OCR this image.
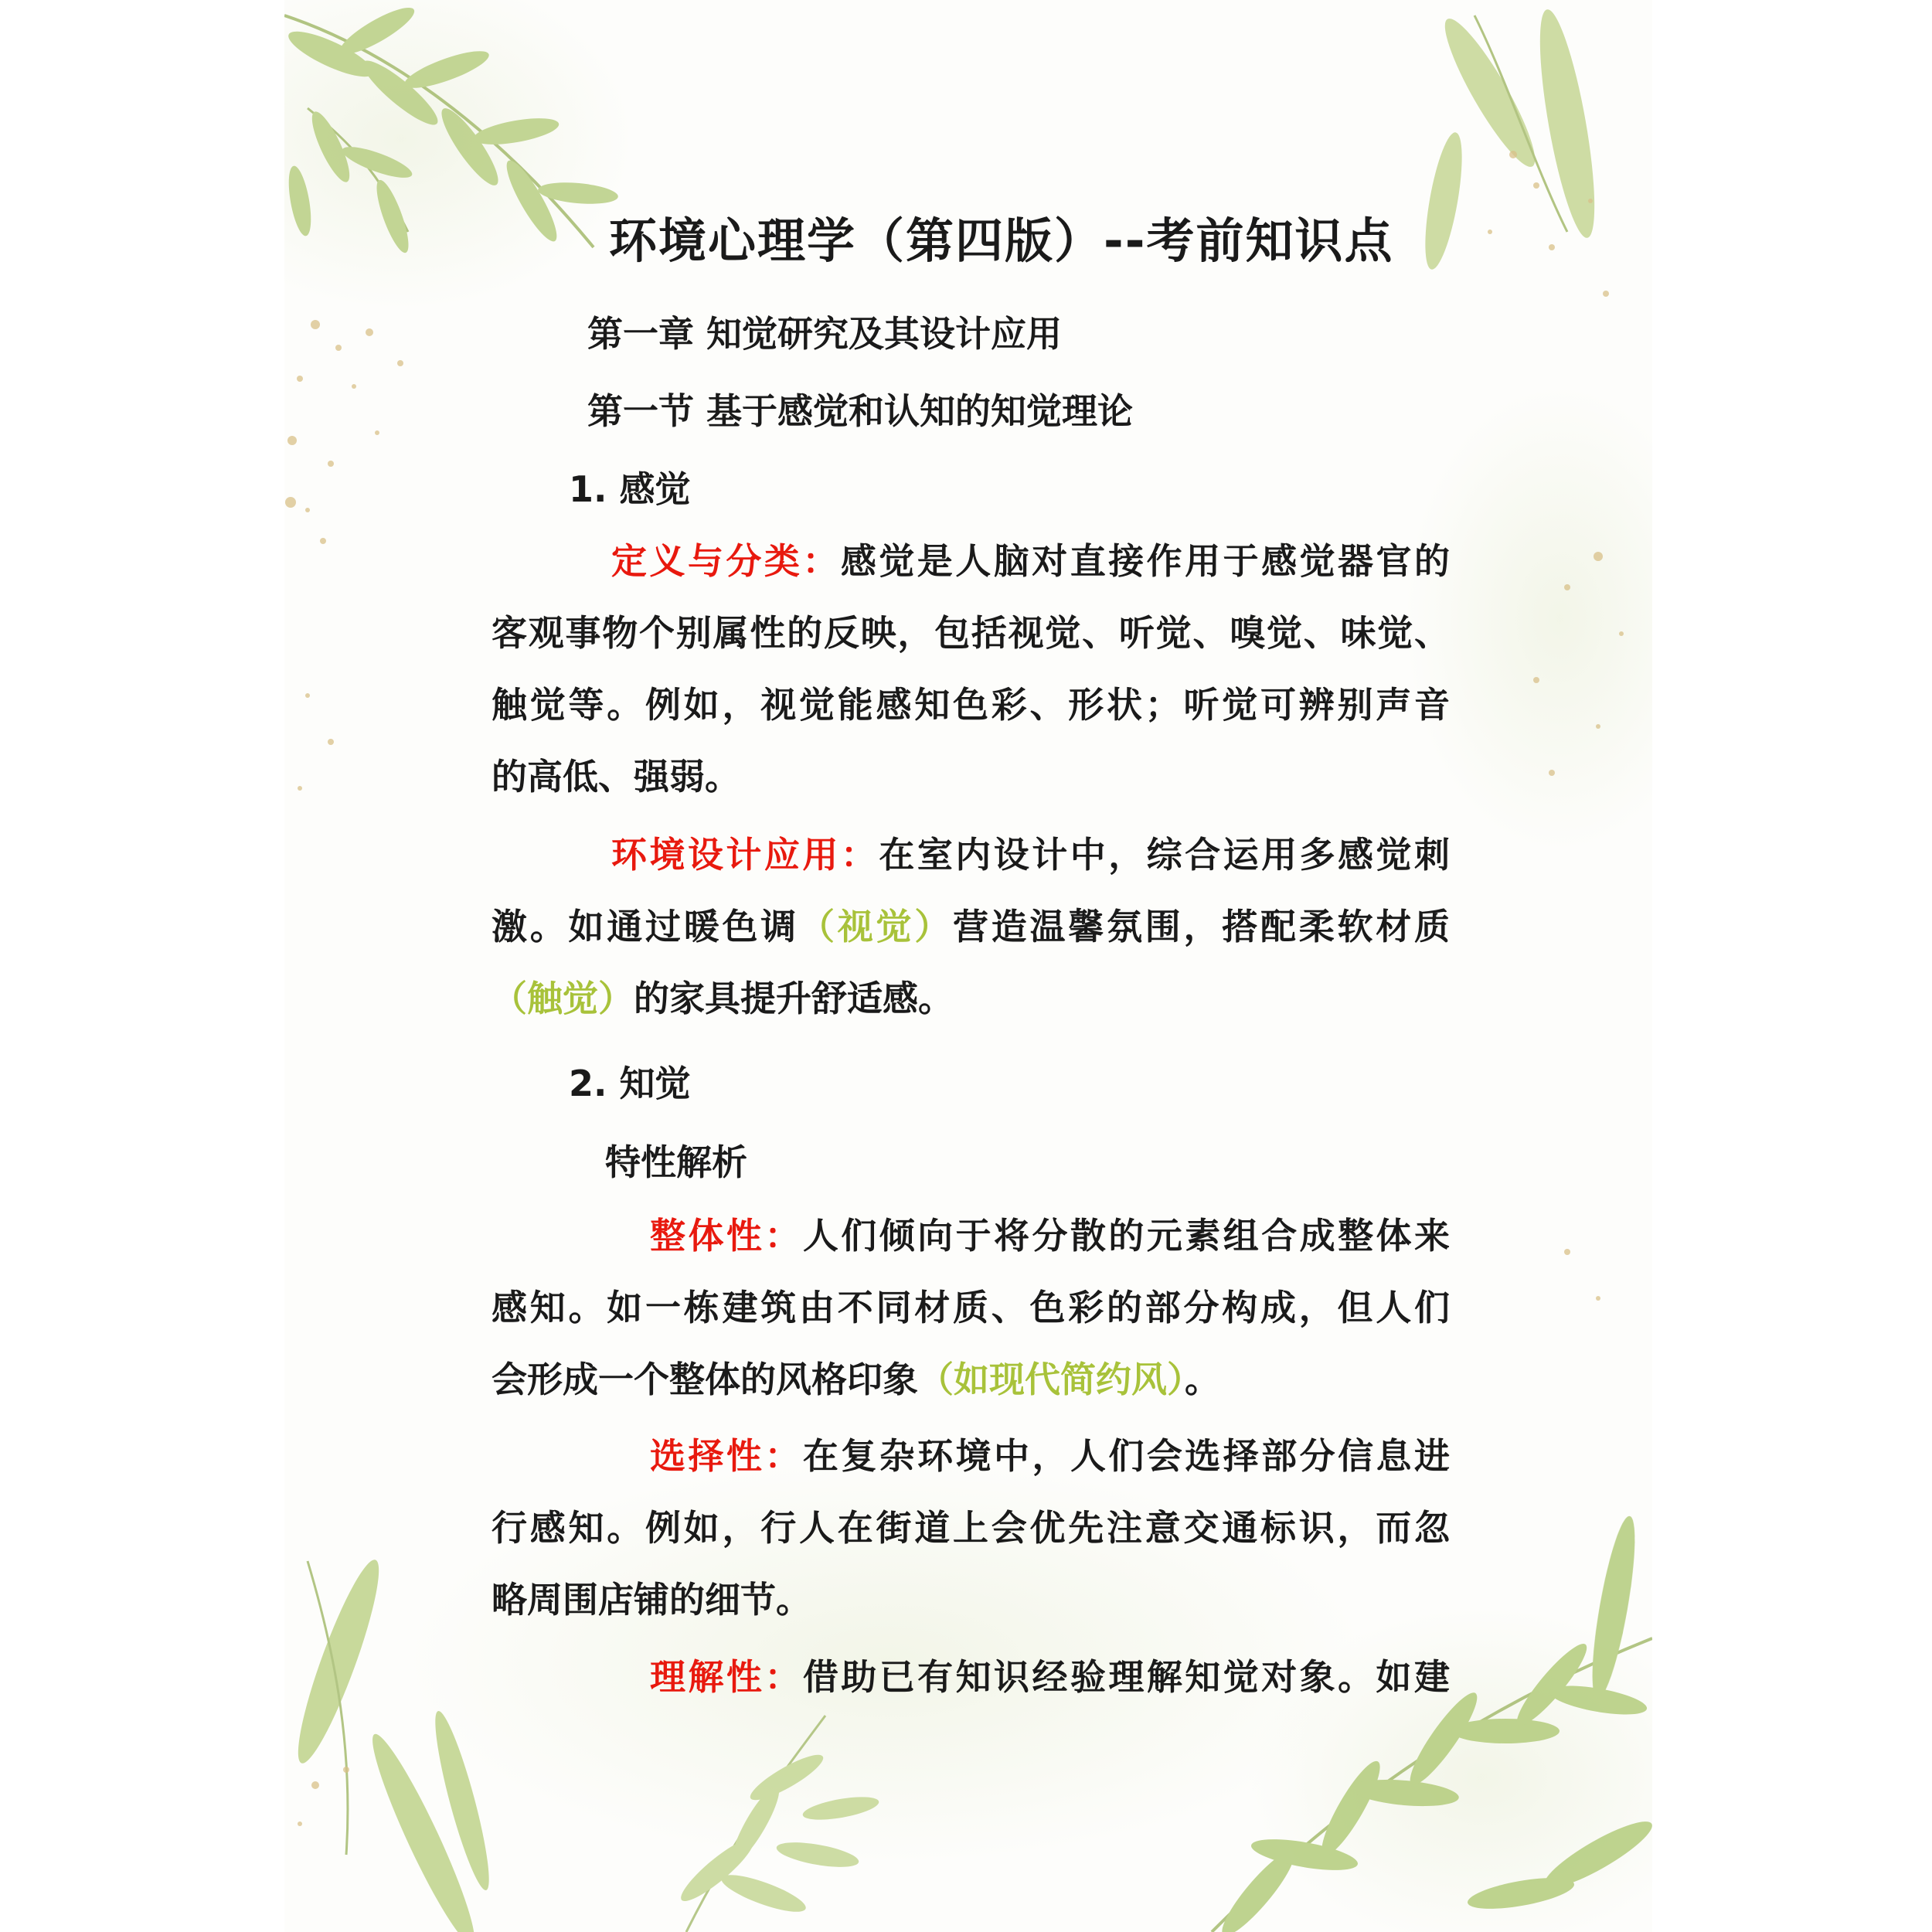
环境心理学（第四版）--考前知识点
第一章 知觉研究及其设计应用
第一节 基于感觉和认知的知觉理论
1. 感觉
定义与分类：感觉是人脑对直接作用于感觉器官的
客观事物个别属性的反映，包括视觉、听觉、嗅觉、味觉、
触觉等。例如，视觉能感知色彩、形状；听觉可辨别声音
的高低、强弱。
环境设计应用：在室内设计中，综合运用多感觉刺
激。如通过暖色调（视觉）营造温馨氛围，搭配柔软材质
（触觉）的家具提升舒适感。
2. 知觉
特性解析
整体性：人们倾向于将分散的元素组合成整体来
感知。如一栋建筑由不同材质、色彩的部分构成，但人们
会形成一个整体的风格印象（如现代简约风）。
选择性：在复杂环境中，人们会选择部分信息进
行感知。例如，行人在街道上会优先注意交通标识，而忽
略周围店铺的细节。
理解性：借助已有知识经验理解知觉对象。如建
